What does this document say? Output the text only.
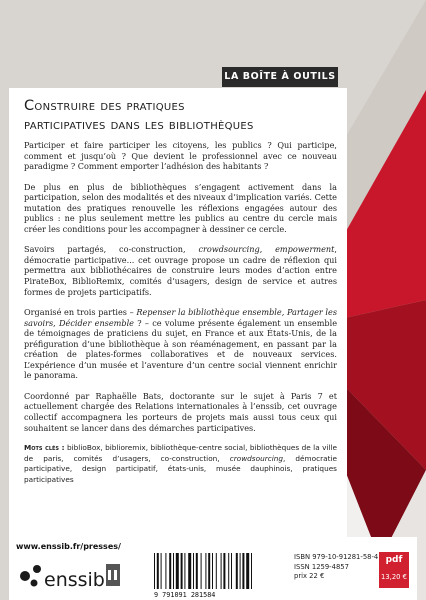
LA BOÎTE À OUTILS
Construire des pratiques
participatives dans les bibliothèques

Participer et faire participer les citoyens, les publics ? Qui participe, comment et jusqu’où ? Que devient le professionnel avec ce nouveau paradigme ? Comment emporter l’adhésion des habitants ?

De plus en plus de bibliothèques s’engagent activement dans la participation, selon des modalités et des niveaux d’implication variés. Cette mutation des pratiques renouvelle les réflexions engagées autour des publics : ne plus seulement mettre les publics au centre du cercle mais créer les conditions pour les accompagner à dessiner ce cercle.

Savoirs partagés, co-construction, crowdsourcing, empowerment, démocratie participative... cet ouvrage propose un cadre de réflexion qui permettra aux bibliothécaires de construire leurs modes d’action entre PirateBox, BiblioRemix, comités d’usagers, design de service et autres formes de projets participatifs.

Organisé en trois parties – Repenser la bibliothèque ensemble, Partager les savoirs, Décider ensemble ? – ce volume présente également un ensemble de témoignages de praticiens du sujet, en France et aux États-Unis, de la préfiguration d’une bibliothèque à son réaménagement, en passant par la création de plates-formes collaboratives et de nouveaux services. L’expérience d’un musée et l’aventure d’un centre social viennent enrichir le panorama.

Coordonné par Raphaëlle Bats, doctorante sur le sujet à Paris 7 et actuellement chargée des Relations internationales à l’enssib, cet ouvrage collectif accompagnera les porteurs de projets mais aussi tous ceux qui souhaitent se lancer dans des démarches participatives.

Mots clés : biblioBox, biblioremix, bibliothèque-centre social, bibliothèques de la ville de paris, comités d’usagers, co-construction, crowdsourcing, démocratie participative, design participatif, états-unis, musée dauphinois, pratiques participatives
www.enssib.fr/presses/
enssib
9 791091 281584
ISBN 979-10-91281-58-4
ISSN 1259-4857
prix 22 €
pdf
13,20 €
